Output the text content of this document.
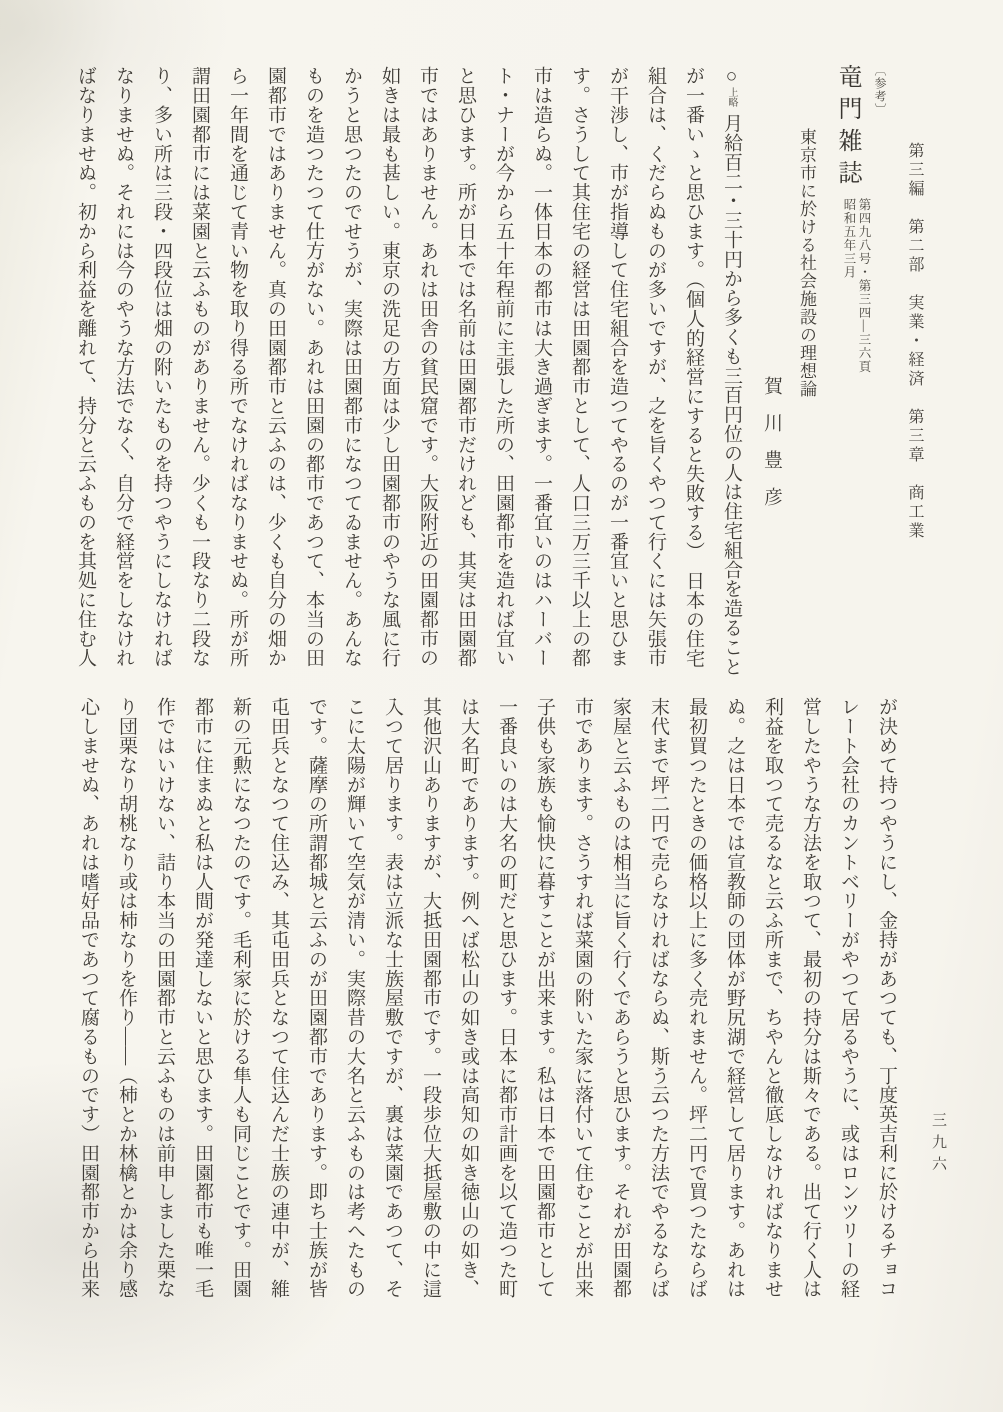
第三編　第二部　実業・経済　第三章　商工業
三九六
〔参考〕
竜門雑誌
第四九八号・第三四—三六頁
昭和五年三月
東京市に於ける社会施設の理想論
賀川豊彦
○上略月給百二・三十円から多くも三百円位の人は住宅組合を造ること
が一番いゝと思ひます。（個人的経営にすると失敗する）　日本の住宅
組合は、くだらぬものが多いですが、之を旨くやつて行くには矢張市
が干渉し、市が指導して住宅組合を造つてやるのが一番宜いと思ひま
す。さうして其住宅の経営は田園都市として、人口三万三千以上の都
市は造らぬ。一体日本の都市は大き過ぎます。一番宜いのはハーバー
ト・ナーが今から五十年程前に主張した所の、田園都市を造れば宜い
と思ひます。所が日本では名前は田園都市だけれども、其実は田園都
市ではありません。あれは田舎の貧民窟です。大阪附近の田園都市の
如きは最も甚しい。東京の洗足の方面は少し田園都市のやうな風に行
かうと思つたのでせうが、実際は田園都市になつてゐません。あんな
ものを造つたつて仕方がない。あれは田園の都市であつて、本当の田
園都市ではありません。真の田園都市と云ふのは、少くも自分の畑か
ら一年間を通じて青い物を取り得る所でなければなりませぬ。所が所
謂田園都市には菜園と云ふものがありません。少くも一段なり二段な
り、多い所は三段・四段位は畑の附いたものを持つやうにしなければ
なりませぬ。それには今のやうな方法でなく、自分で経営をしなけれ
ばなりませぬ。初から利益を離れて、持分と云ふものを其処に住む人
が決めて持つやうにし、金持があつても、丁度英吉利に於けるチョコ
レート会社のカントベリーがやつて居るやうに、或はロンツリーの経
営したやうな方法を取つて、最初の持分は斯々である。出て行く人は
利益を取つて売るなと云ふ所まで、ちやんと徹底しなければなりませ
ぬ。之は日本では宣教師の団体が野尻湖で経営して居ります。あれは
最初買つたときの価格以上に多く売れません。坪二円で買つたならば
末代まで坪二円で売らなければならぬ、斯う云つた方法でやるならば
家屋と云ふものは相当に旨く行くであらうと思ひます。それが田園都
市であります。さうすれば菜園の附いた家に落付いて住むことが出来
子供も家族も愉快に暮すことが出来ます。私は日本で田園都市として
一番良いのは大名の町だと思ひます。日本に都市計画を以て造つた町
は大名町であります。例へば松山の如き或は高知の如き徳山の如き、
其他沢山ありますが、大抵田園都市です。一段歩位大抵屋敷の中に這
入つて居ります。表は立派な士族屋敷ですが、裏は菜園であつて、そ
こに太陽が輝いて空気が清い。実際昔の大名と云ふものは考へたもの
です。薩摩の所謂都城と云ふのが田園都市であります。即ち士族が皆
屯田兵となつて住込み、其屯田兵となつて住込んだ士族の連中が、維
新の元勲になつたのです。毛利家に於ける隼人も同じことです。田園
都市に住まぬと私は人間が発達しないと思ひます。田園都市も唯一毛
作ではいけない、詰り本当の田園都市と云ふものは前申しました栗な
り団栗なり胡桃なり或は柿なりを作り——（柿とか林檎とかは余り感
心しませぬ、あれは嗜好品であつて腐るものです）田園都市から出来
